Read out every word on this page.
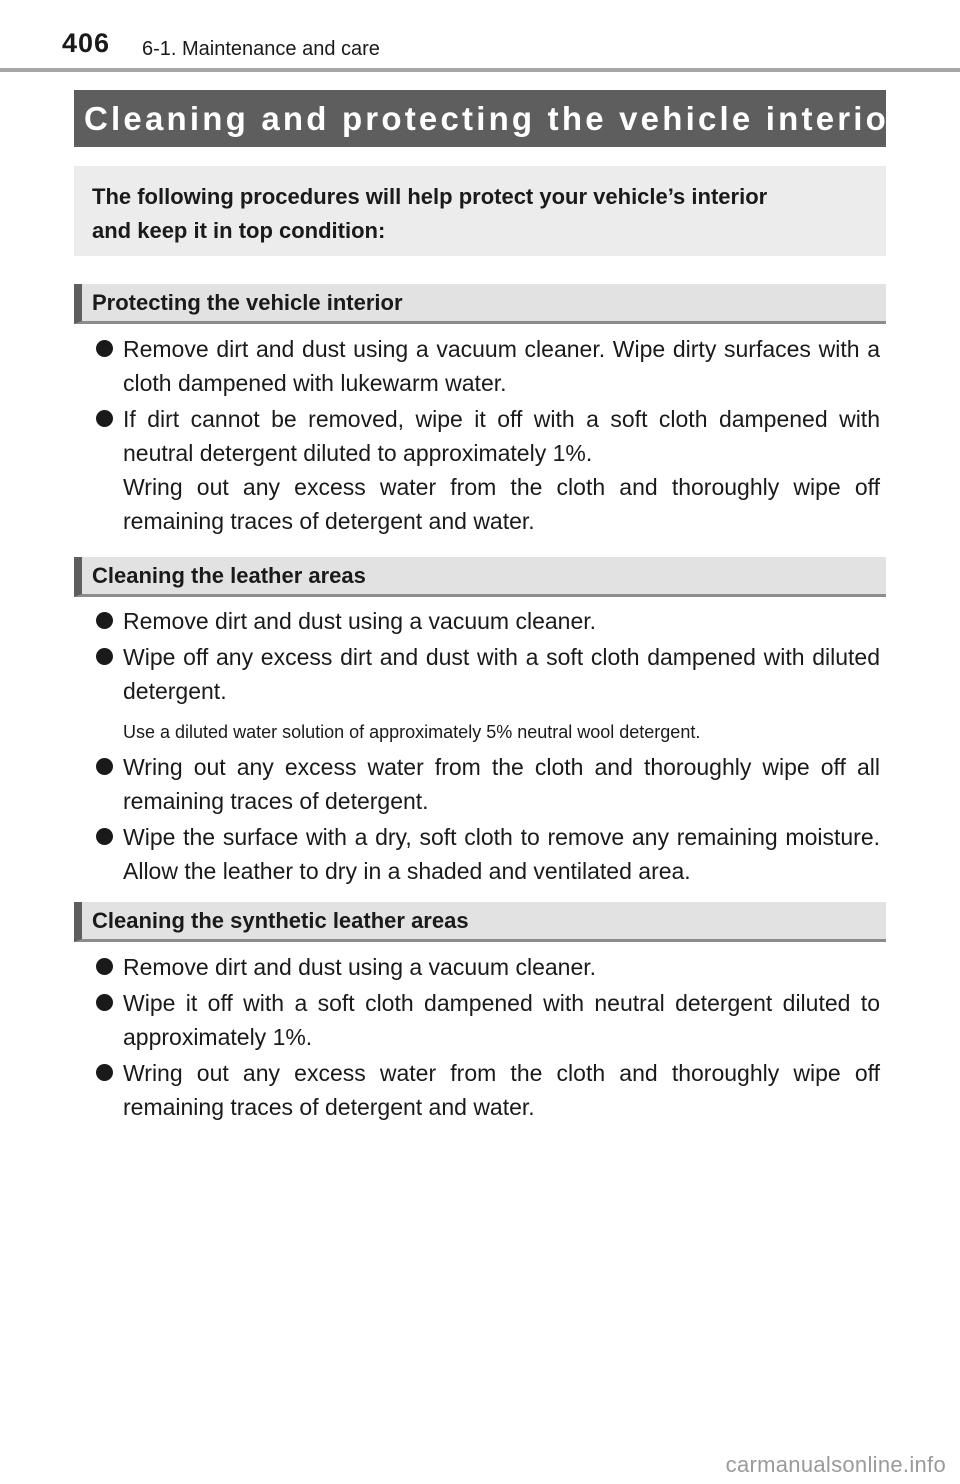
406 6-1. Maintenance and care
Cleaning and protecting the vehicle interior
The following procedures will help protect your vehicle’s interior
and keep it in top condition:
Protecting the vehicle interior

Remove dirt and dust using a vacuum cleaner. Wipe dirty surfaces with a cloth dampened with lukewarm water.

If dirt cannot be removed, wipe it off with a soft cloth dampened with neutral detergent diluted to approximately 1%.

Wring out any excess water from the cloth and thoroughly wipe off remaining traces of detergent and water.

Cleaning the leather areas

Remove dirt and dust using a vacuum cleaner.

Wipe off any excess dirt and dust with a soft cloth dampened with diluted detergent.

Use a diluted water solution of approximately 5% neutral wool detergent.

Wring out any excess water from the cloth and thoroughly wipe off all remaining traces of detergent.

Wipe the surface with a dry, soft cloth to remove any remaining moisture. Allow the leather to dry in a shaded and ventilated area.

Cleaning the synthetic leather areas

Remove dirt and dust using a vacuum cleaner.

Wipe it off with a soft cloth dampened with neutral detergent diluted to approximately 1%.

Wring out any excess water from the cloth and thoroughly wipe off remaining traces of detergent and water.

carmanualsonline.info
